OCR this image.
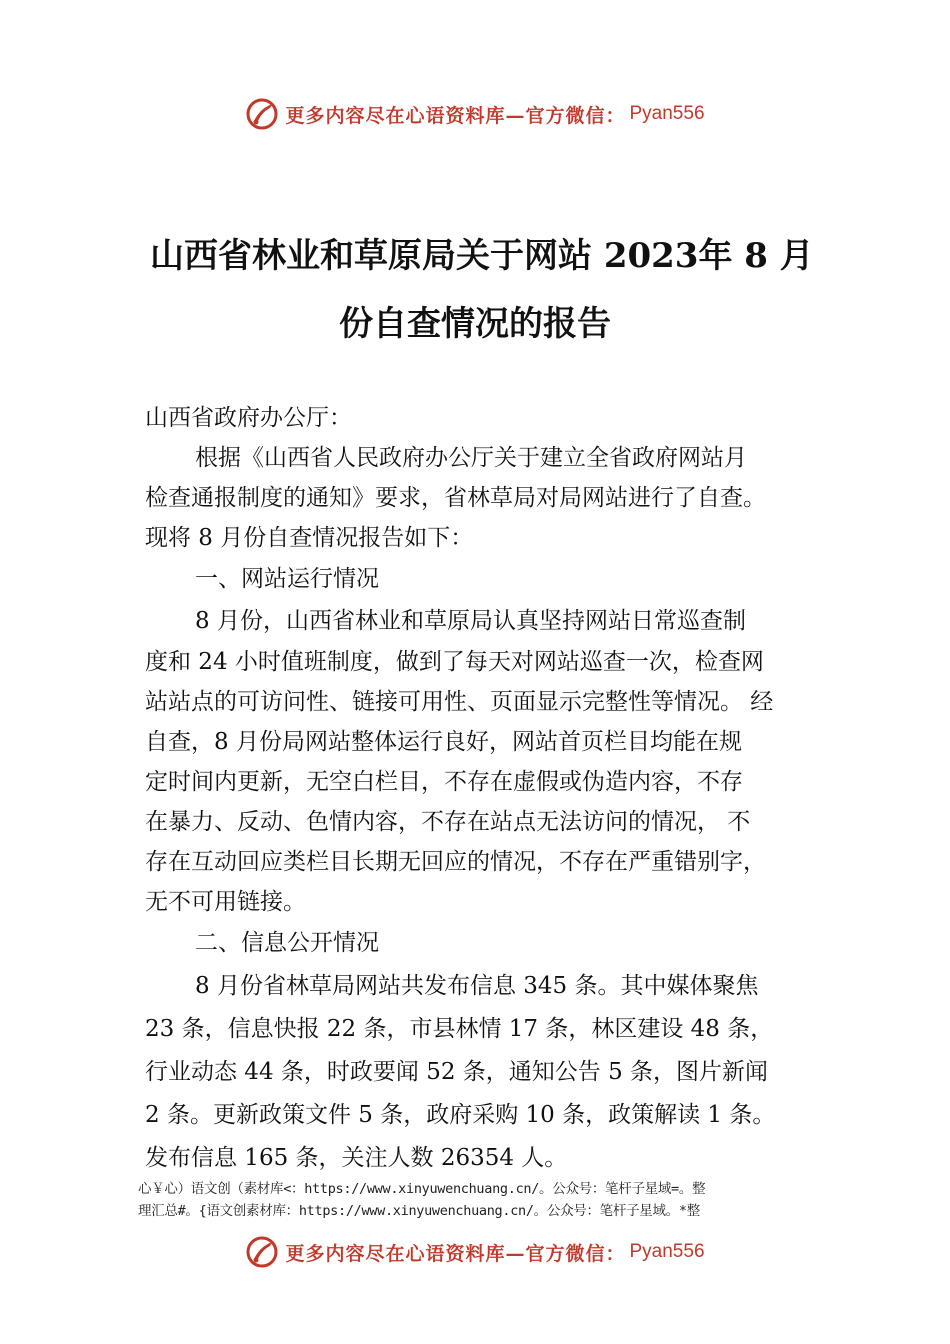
更多内容尽在心语资料库—官方微信： Pyan556
山西省林业和草原局关于网站 2023年 8 月
份自查情况的报告

山西省政府办公厅：

根据《山西省人民政府办公厅关于建立全省政府网站月

检查通报制度的通知》要求，省林草局对局网站进行了自查。

现将 8 月份自查情况报告如下：

一、网站运行情况

8 月份，山西省林业和草原局认真坚持网站日常巡查制

度和 24 小时值班制度，做到了每天对网站巡查一次，检查网

站站点的可访问性、链接可用性、页面显示完整性等情况。 经

自查，8 月份局网站整体运行良好，网站首页栏目均能在规

定时间内更新，无空白栏目，不存在虚假或伪造内容，不存

在暴力、反动、色情内容，不存在站点无法访问的情况， 不

存在互动回应类栏目长期无回应的情况，不存在严重错别字，

无不可用链接。

二、信息公开情况

8 月份省林草局网站共发布信息 345 条。其中媒体聚焦

23 条，信息快报 22 条，市县林情 17 条，林区建设 48 条，

行业动态 44 条，时政要闻 52 条，通知公告 5 条，图片新闻

2 条。更新政策文件 5 条，政府采购 10 条，政策解读 1 条。

发布信息 165 条，关注人数 26354 人。

心￥心）语文创（素材库<：https://www.xinyuwenchuang.cn/。公众号：笔杆子星域=。整
理汇总#。{语文创素材库：https://www.xinyuwenchuang.cn/。公众号：笔杆子星域。*整
更多内容尽在心语资料库—官方微信： Pyan556
